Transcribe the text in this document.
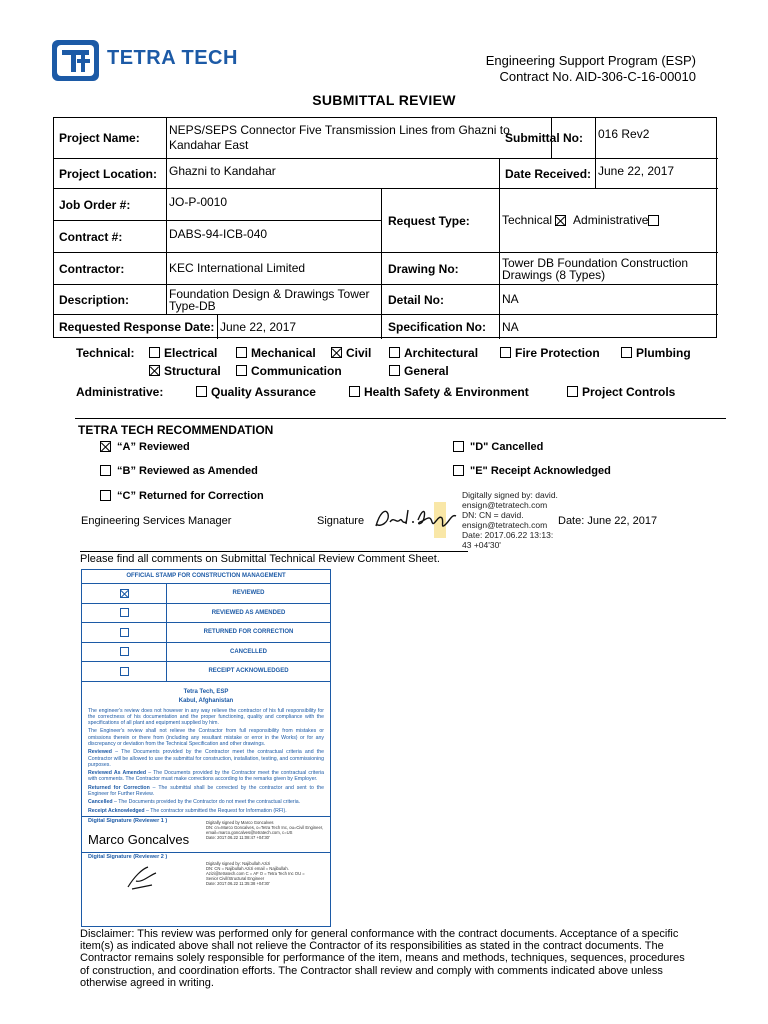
TETRA TECH	Engineering Support Program (ESP)
Contract No. AID-306-C-16-00010
SUBMITTAL REVIEW
Project Name:
NEPS/SEPS Connector Five Transmission Lines from Ghazni to Kandahar East	Submittal No:	016 Rev2
Project Location: Ghazni to Kandahar	Date Received: June 22, 2017
Job Order #:	JO-P-0010
Contract #:	DABS-94-ICB-040
Request Type:	Technical

Administrative
Contractor:	KEC International Limited	Drawing No:	Tower DB Foundation Construction Drawings (8 Types)
Description:	Foundation Design & Drawings Tower Type-DB	Detail No:	NA
Requested Response Date: June 22, 2017	Specification No:	NA
Technical:	Electrical	Mechanical	Civil	Architectural	Fire Protection	Plumbing
Structural	Communication	General
Administrative:	Quality Assurance	Health Safety & Environment	Project Controls
TETRA TECH RECOMMENDATION
“A” Reviewed
“B” Reviewed as Amended
“C” Returned for Correction
"D" Cancelled
"E" Receipt Acknowledged
Engineering Services Manager	Signature
Digitally signed by: david.
ensign@tetratech.com
DN: CN = david.
ensign@tetratech.com
Date: 2017.06.22 13:13:
43 +04'30'
Date: June 22, 2017
Please find all comments on Submittal Technical Review Comment Sheet.
OFFICIAL STAMP FOR CONSTRUCTION MANAGEMENT
REVIEWED
REVIEWED AS AMENDED
RETURNED FOR CORRECTION
CANCELLED
RECEIPT ACKNOWLEDGED
Tetra Tech, ESP
Kabul, Afghanistan

The engineer's review does not however in any way relieve the contractor of his full responsibility for the correctness of his documentation and the proper functioning, quality and compliance with the specifications of all plant and equipment supplied by him.

The Engineer's review shall not relieve the Contractor from full responsibility from mistakes or omissions therein or there from (including any resultant mistake or error in the Works) or for any discrepancy or deviation from the Technical Specification and other drawings.

Reviewed – The Documents provided by the Contractor meet the contractual criteria and the Contractor will be allowed to use the submittal for construction, installation, testing, and commissioning purposes.

Reviewed As Amended – The Documents provided by the Contractor meet the contractual criteria with comments. The Contractor must make corrections according to the remarks given by Employer.

Returned for Correction – The submittal shall be corrected by the contractor and sent to the Engineer for Further Review.

Cancelled – The Documents provided by the Contractor do not meet the contractual criteria.

Receipt Acknowledged – The contractor submitted the Request for Information (RFI).

Digital Signature (Reviewer 1 )
Marco Goncalves
Digitally signed by Marco Goncalves
DN: cn=Marco Goncalves, o=Tetra Tech Inc, ou=Civil Engineer,
email=marco.goncalves@tetratech.com, c=US
Date: 2017.06.22 11:08:47 +04'30'
Digital Signature (Reviewer 2 )
Digitally signed by: Najibullah Azizi
DN: CN = Najibullah Azizi email = Najibullah.
Azizi@tetratech.com C = AF O = Tetra Tech Inc OU =
Senior Civil/Structural Engineer
Date: 2017.06.22 11:35:38 +04'30'
Disclaimer: This review was performed only for general conformance with the contract documents. Acceptance of a specific item(s) as indicated above shall not relieve the Contractor of its responsibilities as stated in the contract documents. The Contractor remains solely responsible for performance of the item, means and methods, techniques, sequences, procedures of construction, and coordination efforts. The Contractor shall review and comply with comments indicated above unless otherwise agreed in writing.
